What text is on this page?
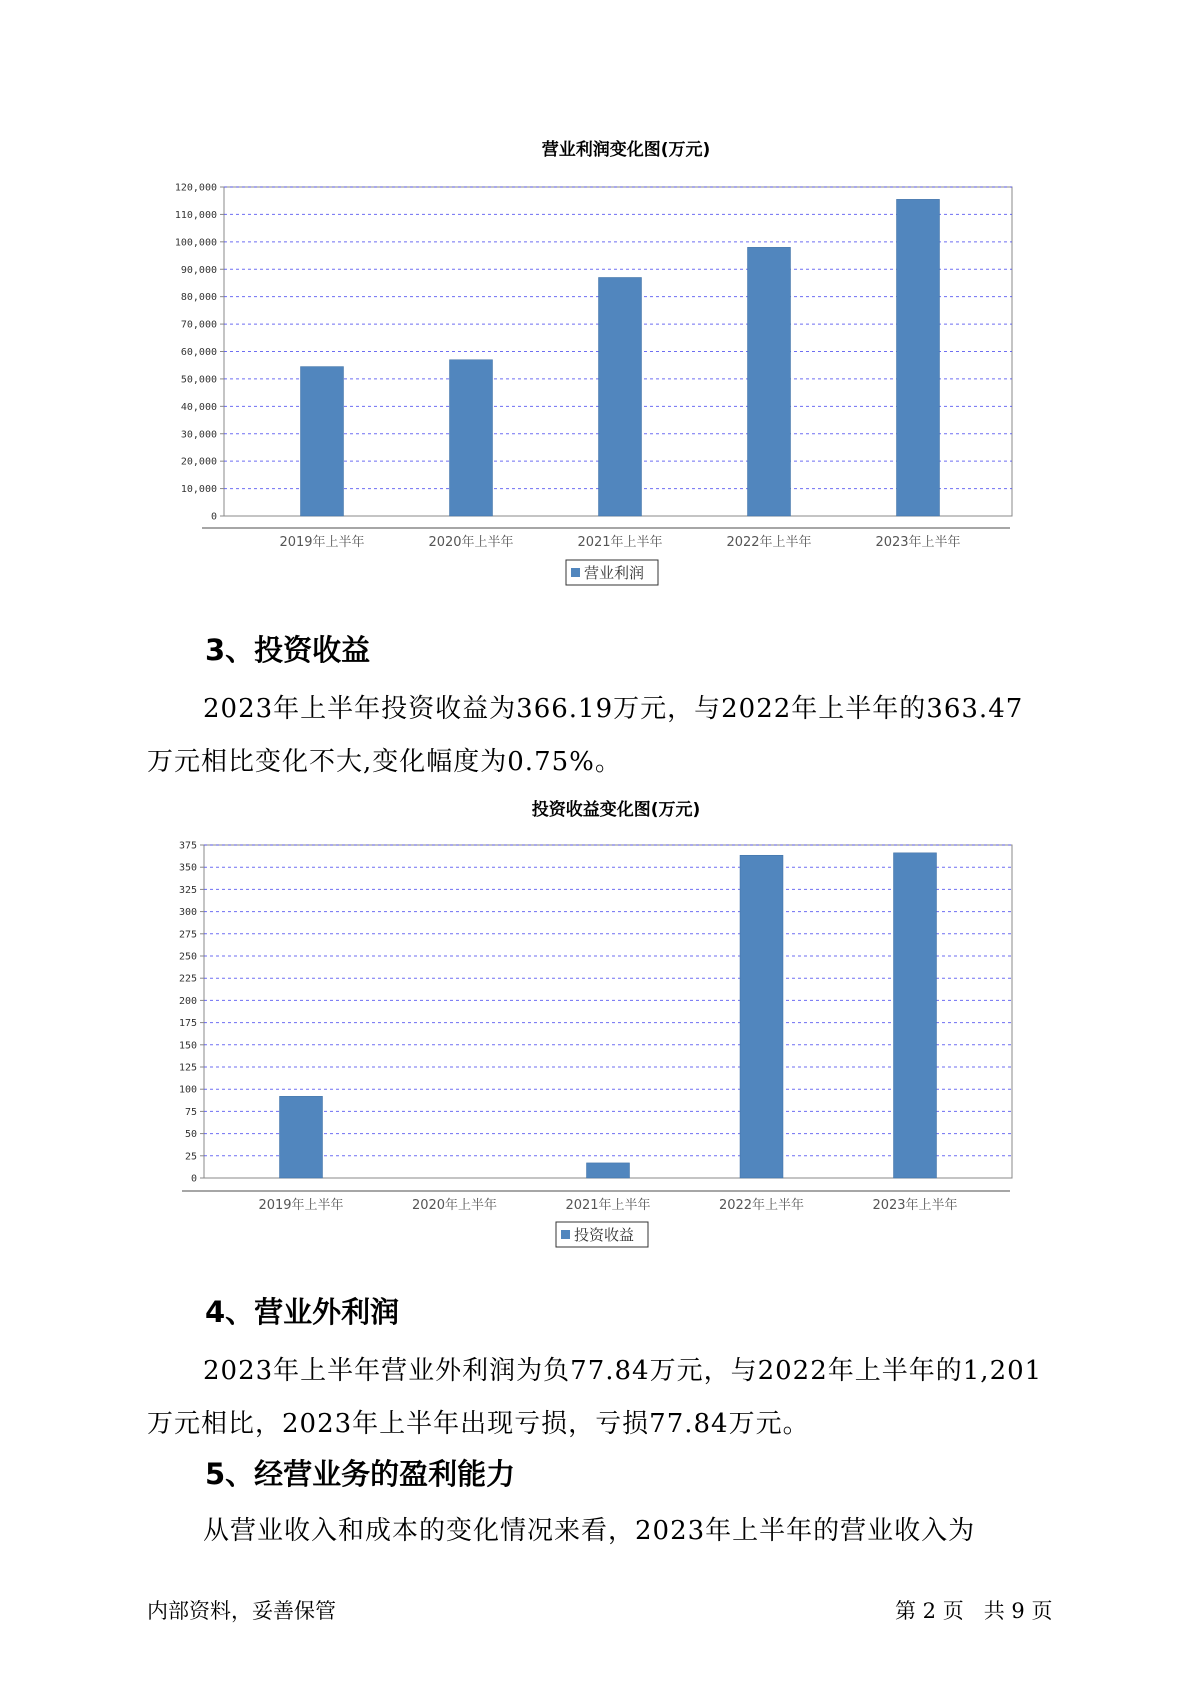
营业利润变化图(万元)
0
10,000
20,000
30,000
40,000
50,000
60,000
70,000
80,000
90,000
100,000
110,000
120,000
2019年上半年	2020年上半年	2021年上半年	2022年上半年	2023年上半年
营业利润
3、投资收益

2023年上半年投资收益为366.19万元，与2022年上半年的363.47万元相比变化不大,变化幅度为0.75%。

投资收益变化图(万元)
0
25
50
75
100
125
150
175
200
225
250
275
300
325
350
375
2019年上半年	2020年上半年	2021年上半年	2022年上半年	2023年上半年
投资收益
4、营业外利润

2023年上半年营业外利润为负77.84万元，与2022年上半年的1,201万元相比，2023年上半年出现亏损，亏损77.84万元。

5、经营业务的盈利能力

从营业收入和成本的变化情况来看，2023年上半年的营业收入为

内部资料，妥善保管	第 2 页   共 9 页
